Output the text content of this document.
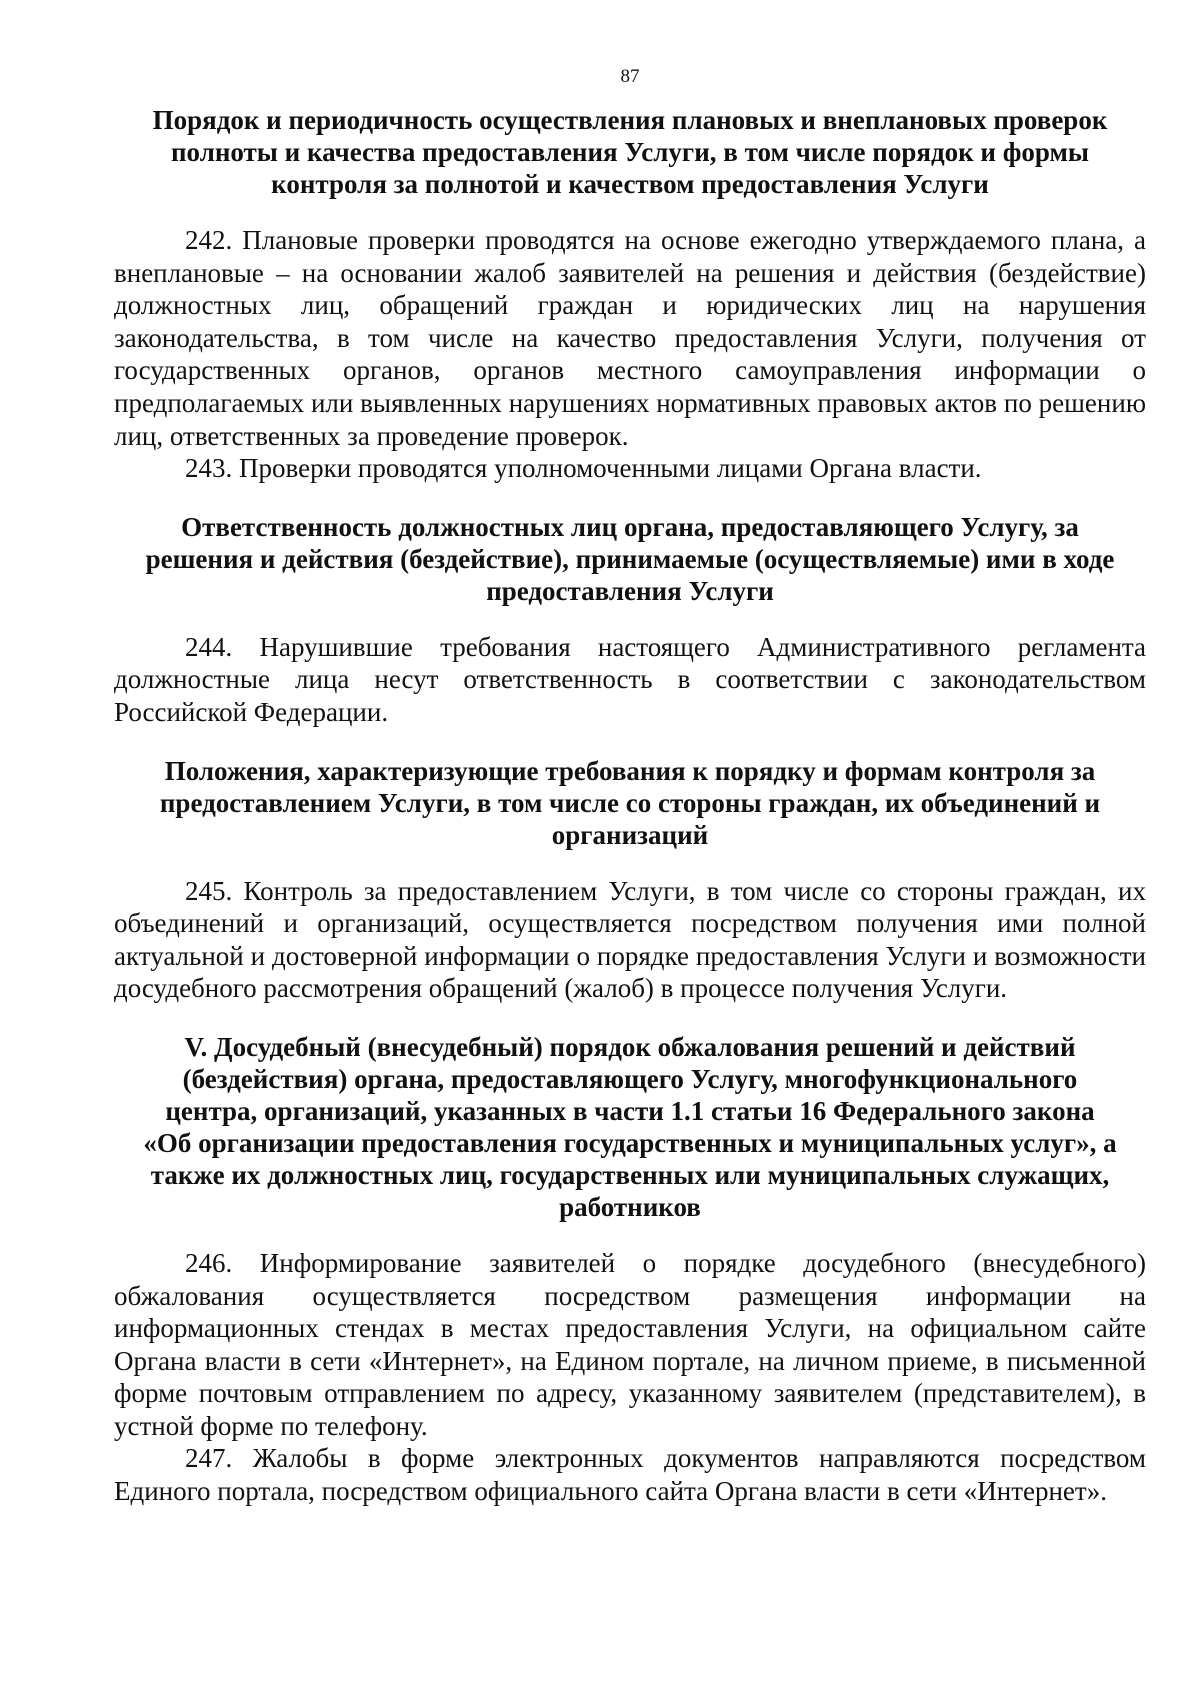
87
Порядок и периодичность осуществления плановых и внеплановых проверок
полноты и качества предоставления Услуги, в том числе порядок и формы
контроля за полнотой и качеством предоставления Услуги

242. Плановые проверки проводятся на основе ежегодно утверждаемого плана, а внеплановые – на основании жалоб заявителей на решения и действия (бездействие) должностных лиц, обращений граждан и юридических лиц на нарушения законодательства, в том числе на качество предоставления Услуги, получения от государственных органов, органов местного самоуправления информации о предполагаемых или выявленных нарушениях нормативных правовых актов по решению лиц, ответственных за проведение проверок.

243. Проверки проводятся уполномоченными лицами Органа власти.

Ответственность должностных лиц органа, предоставляющего Услугу, за
решения и действия (бездействие), принимаемые (осуществляемые) ими в ходе
предоставления Услуги

244. Нарушившие требования настоящего Административного регламента должностные лица несут ответственность в соответствии с законодательством Российской Федерации.

Положения, характеризующие требования к порядку и формам контроля за
предоставлением Услуги, в том числе со стороны граждан, их объединений и
организаций

245. Контроль за предоставлением Услуги, в том числе со стороны граждан, их объединений и организаций, осуществляется посредством получения ими полной актуальной и достоверной информации о порядке предоставления Услуги и возможности досудебного рассмотрения обращений (жалоб) в процессе получения Услуги.

V. Досудебный (внесудебный) порядок обжалования решений и действий
(бездействия) органа, предоставляющего Услугу, многофункционального
центра, организаций, указанных в части 1.1 статьи 16 Федерального закона
«Об организации предоставления государственных и муниципальных услуг», а
также их должностных лиц, государственных или муниципальных служащих,
работников

246. Информирование заявителей о порядке досудебного (внесудебного) обжалования осуществляется посредством размещения информации на информационных стендах в местах предоставления Услуги, на официальном сайте Органа власти в сети «Интернет», на Едином портале, на личном приеме, в письменной форме почтовым отправлением по адресу, указанному заявителем (представителем), в устной форме по телефону.

247. Жалобы в форме электронных документов направляются посредством Единого портала, посредством официального сайта Органа власти в сети «Интернет».
